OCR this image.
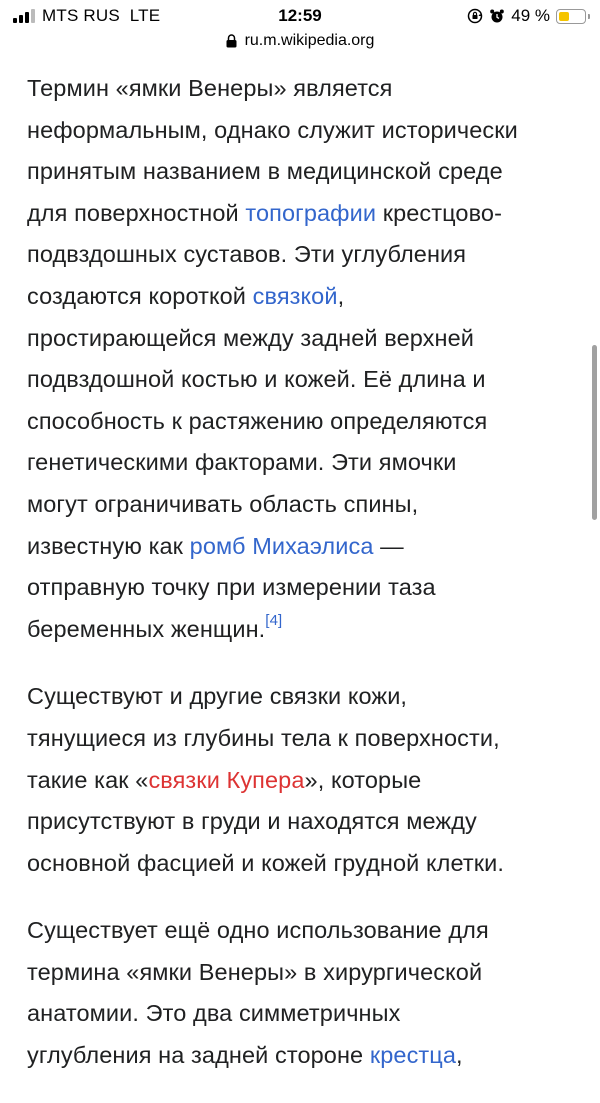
MTS RUS LTE	12:59	49 %
ru.m.wikipedia.org

Термин «ямки Венеры» является
неформальным, однако служит исторически
принятым названием в медицинской среде
для поверхностной топографии крестцово-
подвздошных суставов. Эти углубления
создаются короткой связкой,
простирающейся между задней верхней
подвздошной костью и кожей. Её длина и
способность к растяжению определяются
генетическими факторами. Эти ямочки
могут ограничивать область спины,
известную как ромб Михаэлиса —
отправную точку при измерении таза
беременных женщин.[4]

Существуют и другие связки кожи,
тянущиеся из глубины тела к поверхности,
такие как «связки Купера», которые
присутствуют в груди и находятся между
основной фасцией и кожей грудной клетки.

Существует ещё одно использование для
термина «ямки Венеры» в хирургической
анатомии. Это два симметричных
углубления на задней стороне крестца,
